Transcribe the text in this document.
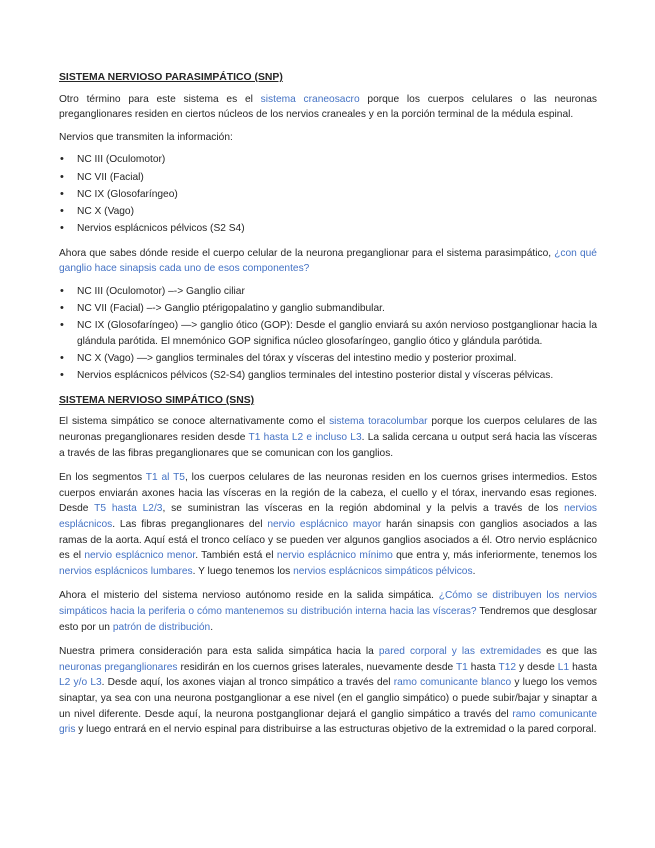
SISTEMA NERVIOSO PARASIMPÁTICO (SNP)

Otro término para este sistema es el sistema craneosacro porque los cuerpos celulares o las neuronas preganglionares residen en ciertos núcleos de los nervios craneales y en la porción terminal de la médula espinal.

Nervios que transmiten la información:

• NC III (Oculomotor)
• NC VII (Facial)
• NC IX (Glosofaríngeo)
• NC X (Vago)
• Nervios esplácnicos pélvicos (S2 S4)

Ahora que sabes dónde reside el cuerpo celular de la neurona preganglionar para el sistema parasimpático, ¿con qué ganglio hace sinapsis cada uno de esos componentes?

• NC III (Oculomotor) –-> Ganglio ciliar
• NC VII (Facial) –-> Ganglio ptérigopalatino y ganglio submandibular.
• NC IX (Glosofaríngeo) —> ganglio ótico (GOP): Desde el ganglio enviará su axón nervioso postganglionar hacia la glándula parótida. El mnemónico GOP significa núcleo glosofaríngeo, ganglio ótico y glándula parótida.
• NC X (Vago) —> ganglios terminales del tórax y vísceras del intestino medio y posterior proximal.
• Nervios esplácnicos pélvicos (S2-S4) ganglios terminales del intestino posterior distal y vísceras pélvicas.
SISTEMA NERVIOSO SIMPÁTICO (SNS)

El sistema simpático se conoce alternativamente como el sistema toracolumbar porque los cuerpos celulares de las neuronas preganglionares residen desde T1 hasta L2 e incluso L3. La salida cercana u output será hacia las vísceras a través de las fibras preganglionares que se comunican con los ganglios.

En los segmentos T1 al T5, los cuerpos celulares de las neuronas residen en los cuernos grises intermedios. Estos cuerpos enviarán axones hacia las vísceras en la región de la cabeza, el cuello y el tórax, inervando esas regiones. Desde T5 hasta L2/3, se suministran las vísceras en la región abdominal y la pelvis a través de los nervios esplácnicos. Las fibras preganglionares del nervio esplácnico mayor harán sinapsis con ganglios asociados a las ramas de la aorta. Aquí está el tronco celíaco y se pueden ver algunos ganglios asociados a él. Otro nervio esplácnico es el nervio esplácnico menor. También está el nervio esplácnico mínimo que entra y, más inferiormente, tenemos los nervios esplácnicos lumbares. Y luego tenemos los nervios esplácnicos simpáticos pélvicos.

Ahora el misterio del sistema nervioso autónomo reside en la salida simpática. ¿Cómo se distribuyen los nervios simpáticos hacia la periferia o cómo mantenemos su distribución interna hacia las vísceras? Tendremos que desglosar esto por un patrón de distribución.

Nuestra primera consideración para esta salida simpática hacia la pared corporal y las extremidades es que las neuronas preganglionares residirán en los cuernos grises laterales, nuevamente desde T1 hasta T12 y desde L1 hasta L2 y/o L3. Desde aquí, los axones viajan al tronco simpático a través del ramo comunicante blanco y luego los vemos sinaptar, ya sea con una neurona postganglionar a ese nivel (en el ganglio simpático) o puede subir/bajar y sinaptar a un nivel diferente. Desde aquí, la neurona postganglionar dejará el ganglio simpático a través del ramo comunicante gris y luego entrará en el nervio espinal para distribuirse a las estructuras objetivo de la extremidad o la pared corporal.
